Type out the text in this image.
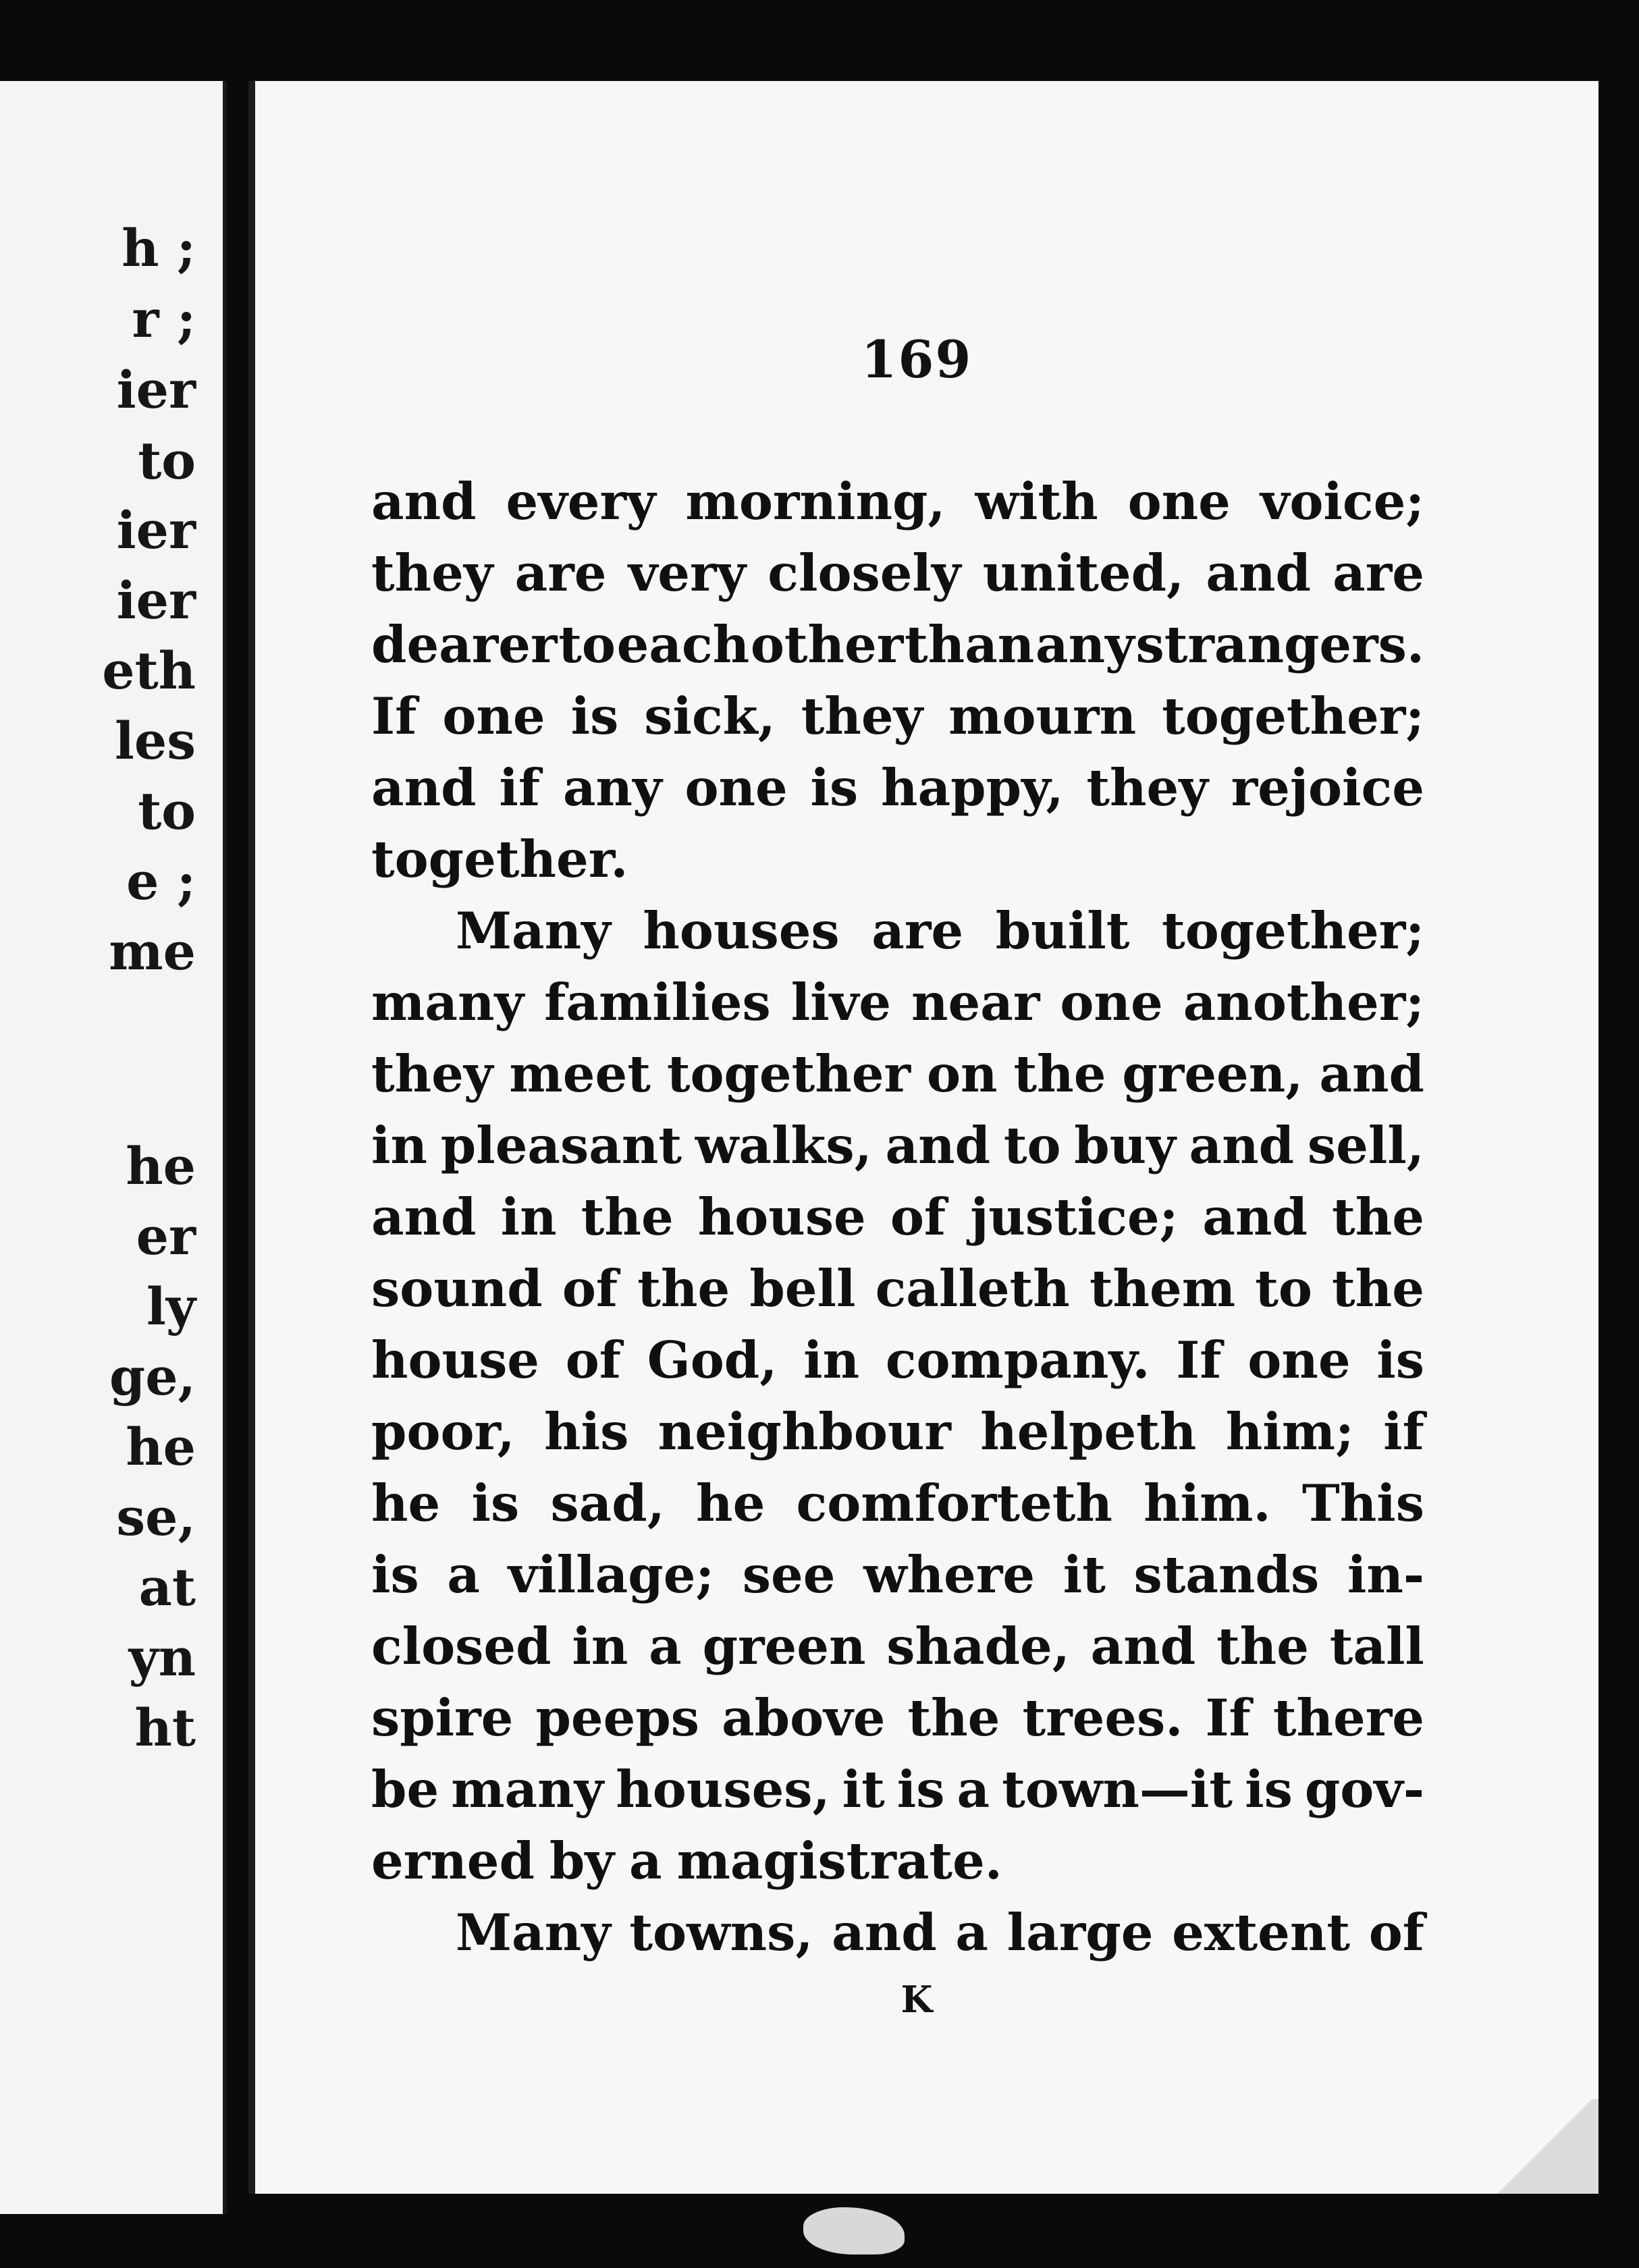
h ;
r ;
ier
to
ier
ier
eth
les
to
e ;
me
he
er
ly
ge,
he
se,
at
yn
ht
169
and every morning, with one voice;
they are very closely united, and are
dearer to each other than any strangers.
If one is sick, they mourn together;
and if any one is happy, they rejoice
together.
Many houses are built together;
many families live near one another;
they meet together on the green, and
in pleasant walks, and to buy and sell,
and in the house of justice; and the
sound of the bell calleth them to the
house of God, in company. If one is
poor, his neighbour helpeth him; if
he is sad, he comforteth him. This
is a village; see where it stands in-
closed in a green shade, and the tall
spire peeps above the trees. If there
be many houses, it is a town—it is gov-
erned by a magistrate.
Many towns, and a large extent of
K
